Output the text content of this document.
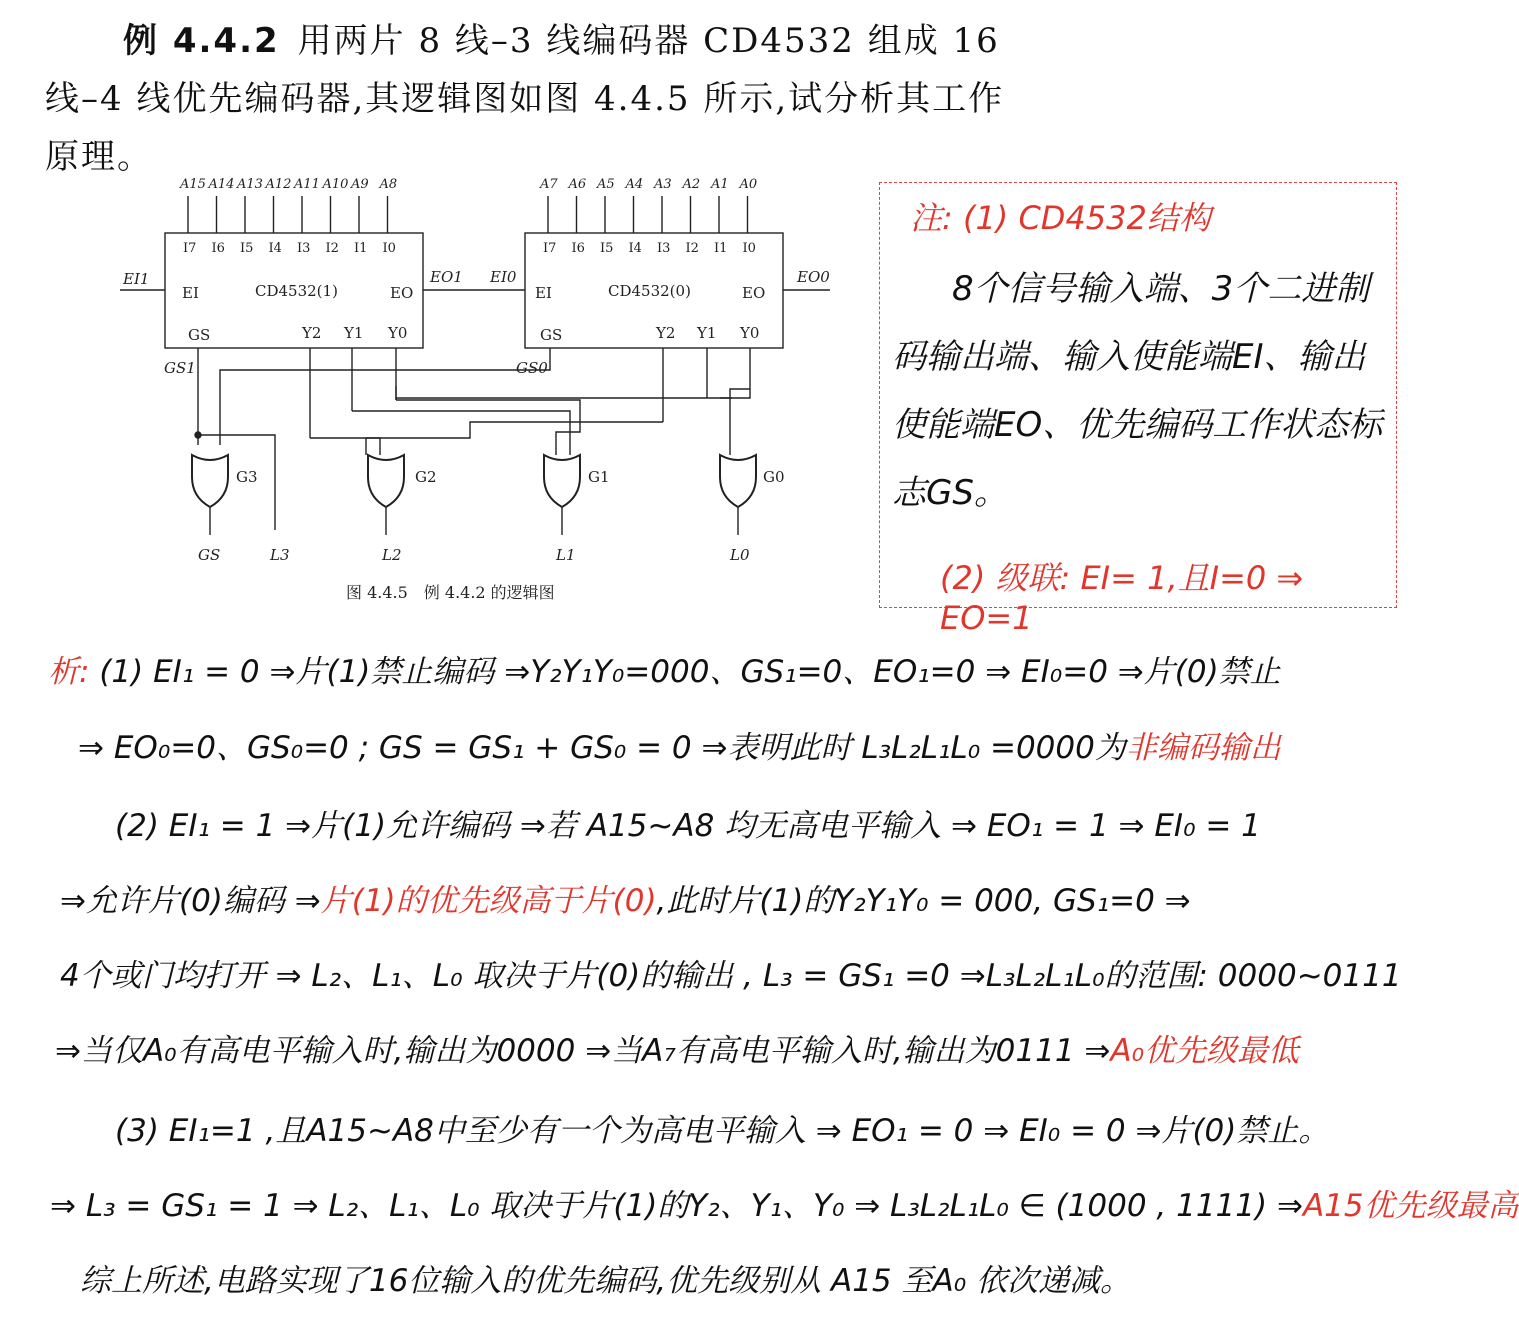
例 4.4.2 用两片 8 线–3 线编码器 CD4532 组成 16 线–4 线优先编码器,其逻辑图如图 4.4.5 所示,试分析其工作原理。
CD4532(1)
EI	EO
GS	Y2 Y1 Y0
EI1	EO1
GS1
CD4532(0)
EI	EO
GS	Y2 Y1 Y0
EI0	EO0
GS0
G3	G2	G1	G0
GS	L3	L2	L1	L0
图 4.4.5　例 4.4.2 的逻辑图
A15 A14 A13 A12 A11 A10 A9 A8
I7 I6 I5 I4 I3 I2 I1 I0
A7 A6 A5 A4 A3 A2 A1 A0
I7 I6 I5 I4 I3 I2 I1 I0
注: (1) CD4532结构
8个信号输入端、3个二进制码输出端、输入使能端EI、输出使能端EO、优先编码工作状态标志GS。
(2) 级联: EI= 1,且I=0 ⇒ EO=1
析: (1) EI₁ = 0 ⇒片(1)禁止编码 ⇒Y₂Y₁Y₀=000、GS₁=0、EO₁=0 ⇒ EI₀=0 ⇒片(0)禁止
⇒ EO₀=0、GS₀=0 ; GS = GS₁ + GS₀ = 0 ⇒表明此时 L₃L₂L₁L₀ =0000为非编码输出
(2) EI₁ = 1 ⇒片(1)允许编码 ⇒若 A15~A8 均无高电平输入 ⇒ EO₁ = 1 ⇒ EI₀ = 1
⇒允许片(0)编码 ⇒片(1)的优先级高于片(0),此时片(1)的Y₂Y₁Y₀ = 000, GS₁=0 ⇒
4个或门均打开 ⇒ L₂、L₁、L₀ 取决于片(0)的输出 , L₃ = GS₁ =0 ⇒L₃L₂L₁L₀的范围: 0000~0111
⇒当仅A₀有高电平输入时,输出为0000 ⇒当A₇有高电平输入时,输出为0111 ⇒A₀优先级最低
(3) EI₁=1 ,且A15~A8中至少有一个为高电平输入 ⇒ EO₁ = 0 ⇒ EI₀ = 0 ⇒片(0)禁止。
⇒ L₃ = GS₁ = 1 ⇒ L₂、L₁、L₀ 取决于片(1)的Y₂、Y₁、Y₀ ⇒ L₃L₂L₁L₀ ∈ (1000 , 1111) ⇒A15优先级最高
综上所述,电路实现了16位输入的优先编码,优先级别从 A15 至A₀ 依次递减。
